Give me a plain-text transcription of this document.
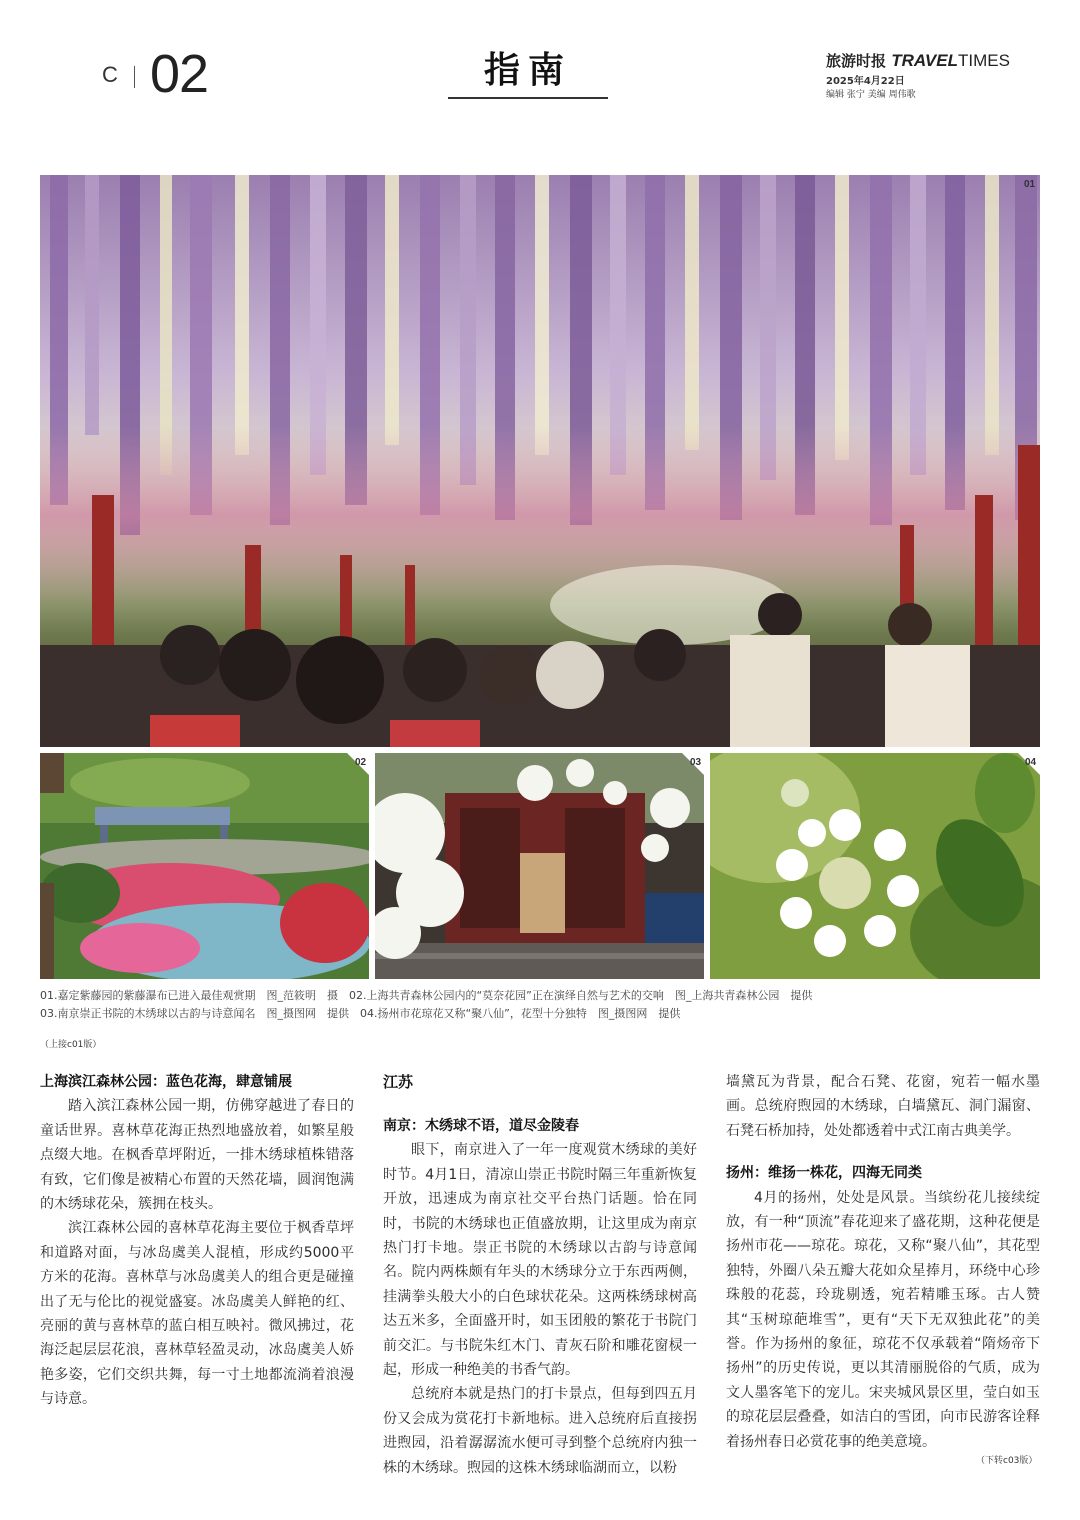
C 02	指南	旅游时报 TRAVELTIMES
2025年4月22日
编辑 张宁 美编 周伟歌
01
02	03	04
01.嘉定紫藤园的紫藤瀑布已进入最佳观赏期　图_范筱明　摄　02.上海共青森林公园内的“莫奈花园”正在演绎自然与艺术的交响　图_上海共青森林公园　提供
03.南京崇正书院的木绣球以古韵与诗意闻名　图_摄图网　提供　04.扬州市花琼花又称“聚八仙”，花型十分独特　图_摄图网　提供
（上接c01版）
上海滨江森林公园：蓝色花海，肆意铺展

踏入滨江森林公园一期，仿佛穿越进了春日的童话世界。喜林草花海正热烈地盛放着，如繁星般点缀大地。在枫香草坪附近，一排木绣球植株错落有致，它们像是被精心布置的天然花墙，圆润饱满的木绣球花朵，簇拥在枝头。

滨江森林公园的喜林草花海主要位于枫香草坪和道路对面，与冰岛虞美人混植，形成约5000平方米的花海。喜林草与冰岛虞美人的组合更是碰撞出了无与伦比的视觉盛宴。冰岛虞美人鲜艳的红、亮丽的黄与喜林草的蓝白相互映衬。微风拂过，花海泛起层层花浪，喜林草轻盈灵动，冰岛虞美人娇艳多姿，它们交织共舞，每一寸土地都流淌着浪漫与诗意。

江苏
南京：木绣球不语，道尽金陵春

眼下，南京进入了一年一度观赏木绣球的美好时节。4月1日，清凉山崇正书院时隔三年重新恢复开放，迅速成为南京社交平台热门话题。恰在同时，书院的木绣球也正值盛放期，让这里成为南京热门打卡地。崇正书院的木绣球以古韵与诗意闻名。院内两株颇有年头的木绣球分立于东西两侧，挂满拳头般大小的白色球状花朵。这两株绣球树高达五米多，全面盛开时，如玉团般的繁花于书院门前交汇。与书院朱红木门、青灰石阶和雕花窗棂一起，形成一种绝美的书香气韵。

总统府本就是热门的打卡景点，但每到四五月份又会成为赏花打卡新地标。进入总统府后直接拐进煦园，沿着潺潺流水便可寻到整个总统府内独一株的木绣球。煦园的这株木绣球临湖而立，以粉

墙黛瓦为背景，配合石凳、花窗，宛若一幅水墨画。总统府煦园的木绣球，白墙黛瓦、洞门漏窗、石凳石桥加持，处处都透着中式江南古典美学。

扬州：维扬一株花，四海无同类

4月的扬州，处处是风景。当缤纷花儿接续绽放，有一种“顶流”春花迎来了盛花期，这种花便是扬州市花——琼花。琼花，又称“聚八仙”，其花型独特，外圈八朵五瓣大花如众星捧月，环绕中心珍珠般的花蕊，玲珑剔透，宛若精雕玉琢。古人赞其“玉树琼葩堆雪”，更有“天下无双独此花”的美誉。作为扬州的象征，琼花不仅承载着“隋炀帝下扬州”的历史传说，更以其清丽脱俗的气质，成为文人墨客笔下的宠儿。宋夹城风景区里，莹白如玉的琼花层层叠叠，如洁白的雪团，向市民游客诠释着扬州春日必赏花事的绝美意境。

（下转c03版）
